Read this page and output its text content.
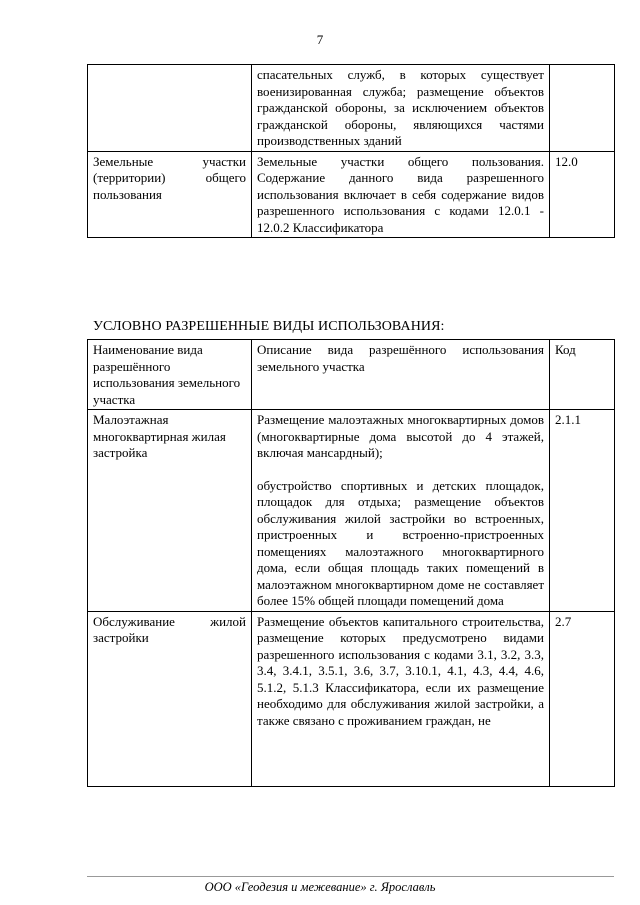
7
	спасательных служб, в которых существует военизированная служба; размещение объектов гражданской обороны, за исключением объектов гражданской обороны, являющихся частями производственных зданий	
Земельные участки (территории) общего пользования	Земельные участки общего пользования. Содержание данного вида разрешенного использования включает в себя содержание видов разрешенного использования с кодами 12.0.1 - 12.0.2 Классификатора	12.0
УСЛОВНО РАЗРЕШЕННЫЕ ВИДЫ ИСПОЛЬЗОВАНИЯ:
Наименование вида разрешённого использования земельного участка	Описание вида разрешённого использования земельного участка	Код
Малоэтажная многоквартирная жилая застройка	Размещение малоэтажных многоквартирных домов (многоквартирные дома высотой до 4 этажей, включая мансардный);

обустройство спортивных и детских площадок, площадок для отдыха; размещение объектов обслуживания жилой застройки во встроенных, пристроенных и встроенно-пристроенных помещениях малоэтажного многоквартирного дома, если общая площадь таких помещений в малоэтажном многоквартирном доме не составляет более 15% общей площади помещений дома	2.1.1
Обслуживание жилой застройки	Размещение объектов капитального строительства, размещение которых предусмотрено видами разрешенного использования с кодами 3.1, 3.2, 3.3, 3.4, 3.4.1, 3.5.1, 3.6, 3.7, 3.10.1, 4.1, 4.3, 4.4, 4.6, 5.1.2, 5.1.3 Классификатора, если их размещение необходимо для обслуживания жилой застройки, а также связано с проживанием граждан, не	2.7
ООО «Геодезия и межевание» г. Ярославль
